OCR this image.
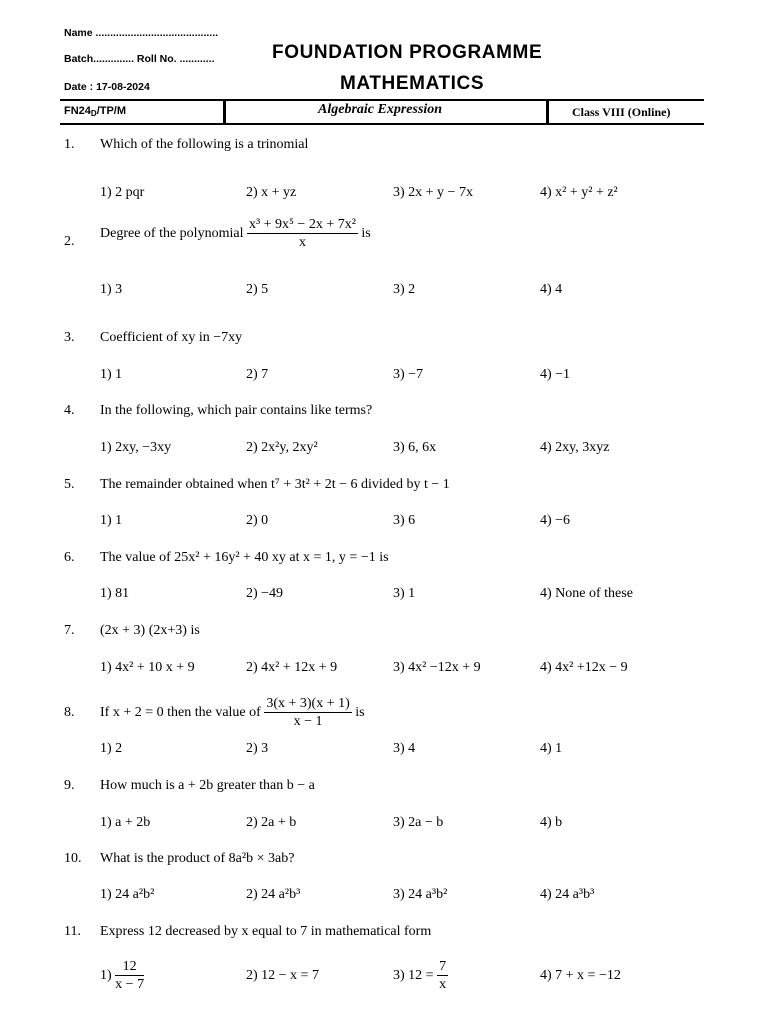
Name ..........................................
Batch.............. Roll No. ............
Date : 17-08-2024
FOUNDATION PROGRAMME
MATHEMATICS
$FN24_D/TP/M$	Algebraic Expression	Class VIII (Online)
1. Which of the following is a trinomial
1) 2 pqr	2) x + yz	3) 2x + y − 7x	4) x² + y² + z²
2.
Degree of the polynomial $\frac{\text{x³ + 9x⁵ − 2x + 7x²}}{x}$ is
1) 3	2) 5	3) 2	4) 4
3. Coefficient of xy in −7xy
1) 1	2) 7	3) −7	4) −1
4. In the following, which pair contains like terms?
1) 2xy, −3xy	2) 2x²y, 2xy²	3) 6, 6x	4) 2xy, 3xyz
5. The remainder obtained when t⁷ + 3t² + 2t − 6 divided by t − 1
1) 1	2) 0	3) 6	4) −6
6. The value of 25x² + 16y² + 40 xy at x = 1, y = −1 is
1) 81	2) −49	3) 1	4) None of these
7. (2x + 3) (2x+3) is
1) 4x² + 10 x + 9	2) 4x² + 12x + 9	3) 4x² −12x + 9	4) 4x² +12x − 9
8. If x + 2 = 0 then the value of $\frac{3(x + 3)(x + 1)}{x - 1}$ is
1) 2	2) 3	3) 4	4) 1
9. How much is a + 2b greater than b − a
1) a + 2b	2) 2a + b	3) 2a − b	4) b
10. What is the product of 8a²b × 3ab?
1) 24 a²b²	2) 24 a²b³	3) 24 a³b²	4) 24 a³b³
11. Express 12 decreased by x equal to 7 in mathematical form
$1) \frac{12}{x - 7}$	2) 12 − x = 7	3) $12 = \frac{7}{x}$	4) 7 + x = −12
